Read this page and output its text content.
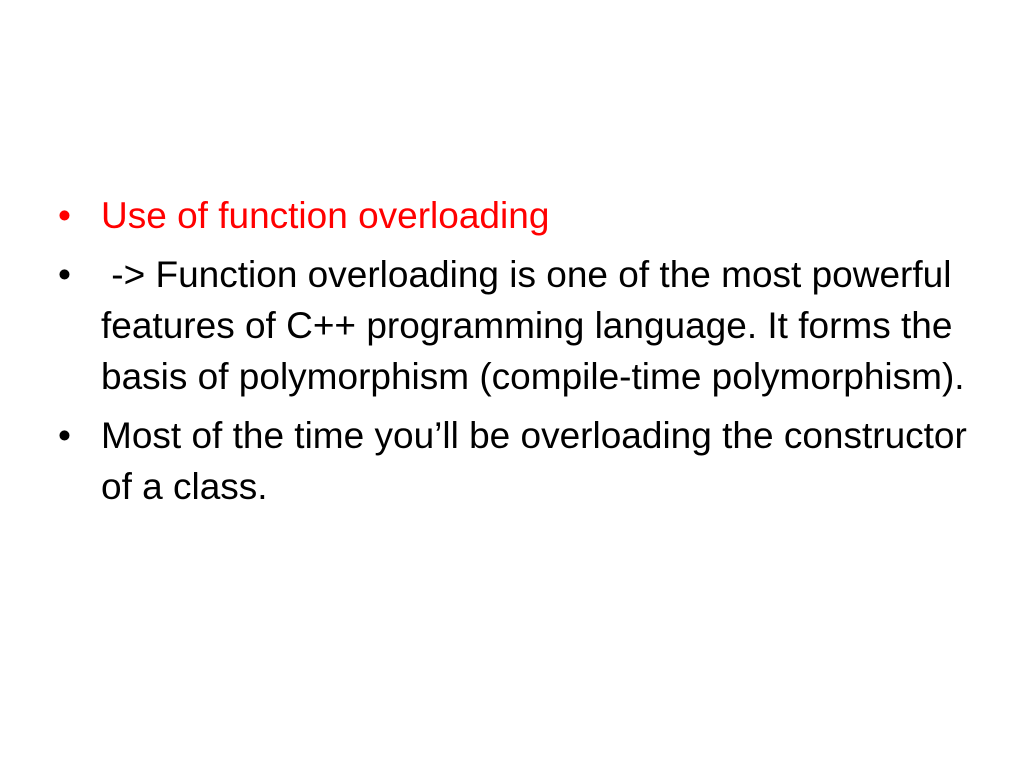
• Use of function overloading
• -> Function overloading is one of the most powerful features of C++ programming language. It forms the basis of polymorphism (compile-time polymorphism).
• Most of the time you’ll be overloading the constructor  of a class.
